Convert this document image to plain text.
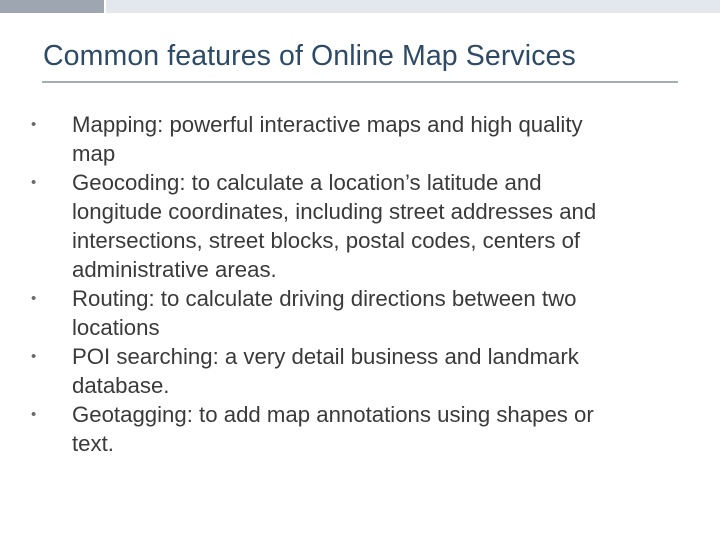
Common features of Online Map Services
• Mapping: powerful interactive maps and high quality
map
• Geocoding: to calculate a location’s latitude and
longitude coordinates, including street addresses and
intersections, street blocks, postal codes, centers of
administrative areas.
• Routing: to calculate driving directions between two
locations
• POI searching: a very detail business and landmark
database.
• Geotagging: to add map annotations using shapes or
text.
